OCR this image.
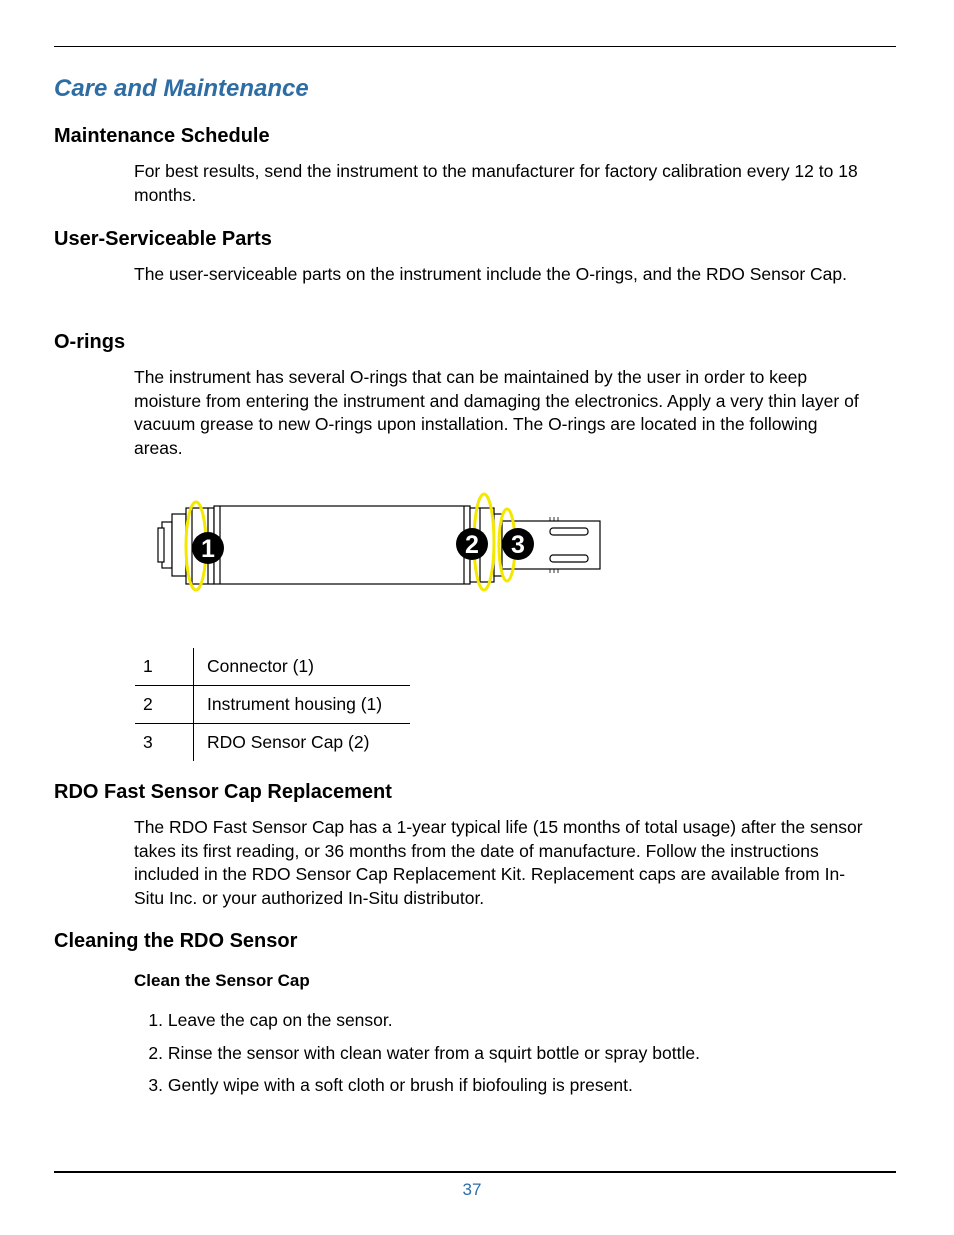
Care and Maintenance
Maintenance Schedule

For best results, send the instrument to the manufacturer for factory calibration every 12 to 18 months.

User-Serviceable Parts

The user-serviceable parts on the instrument include the O-rings, and the RDO Sensor Cap.

O-rings

The instrument has several O-rings that can be maintained by the user in order to keep moisture from entering the instrument and damaging the electronics. Apply a very thin layer of vacuum grease to new O-rings upon installation. The O-rings are located in the following areas.

1	2 3
1	Connector (1)
2	Instrument housing (1)
3	RDO Sensor Cap (2)
RDO Fast Sensor Cap Replacement

The RDO Fast Sensor Cap has a 1-year typical life (15 months of total usage) after the sensor takes its first reading, or 36 months from the date of manufacture. Follow the instructions included in the RDO Sensor Cap Replacement Kit. Replacement caps are available from In-Situ Inc. or your authorized In-Situ distributor.

Cleaning the RDO Sensor
Clean the Sensor Cap
1.
Leave the cap on the sensor.
2.
Rinse the sensor with clean water from a squirt bottle or spray bottle.
3.
Gently wipe with a soft cloth or brush if biofouling is present.
37
